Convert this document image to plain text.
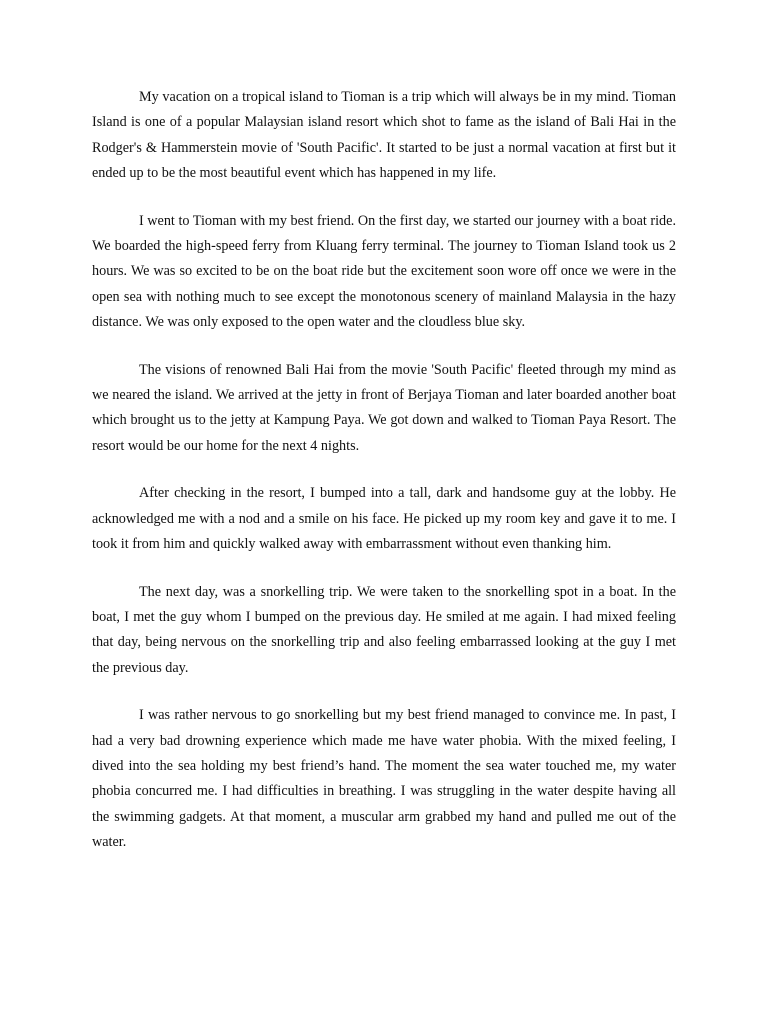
My vacation on a tropical island to Tioman is a trip which will always be in my mind. Tioman Island is one of a popular Malaysian island resort which shot to fame as the island of Bali Hai in the Rodger's & Hammerstein movie of 'South Pacific'. It started to be just a normal vacation at first but it ended up to be the most beautiful event which has happened in my life.

I went to Tioman with my best friend. On the first day, we started our journey with a boat ride. We boarded the high-speed ferry from Kluang ferry terminal. The journey to Tioman Island took us 2 hours. We was so excited to be on the boat ride but the excitement soon wore off once we were in the open sea with nothing much to see except the monotonous scenery of mainland Malaysia in the hazy distance. We was only exposed to the open water and the cloudless blue sky.

The visions of renowned Bali Hai from the movie 'South Pacific' fleeted through my mind as we neared the island. We arrived at the jetty in front of Berjaya Tioman and later boarded another boat which brought us to the jetty at Kampung Paya. We got down and walked to Tioman Paya Resort. The resort would be our home for the next 4 nights.

After checking in the resort, I bumped into a tall, dark and handsome guy at the lobby. He acknowledged me with a nod and a smile on his face. He picked up my room key and gave it to me. I took it from him and quickly walked away with embarrassment without even thanking him.

The next day, was a snorkelling trip. We were taken to the snorkelling spot in a boat. In the boat, I met the guy whom I bumped on the previous day. He smiled at me again. I had mixed feeling that day, being nervous on the snorkelling trip and also feeling embarrassed looking at the guy I met the previous day.

I was rather nervous to go snorkelling but my best friend managed to convince me. In past, I had a very bad drowning experience which made me have water phobia. With the mixed feeling, I dived into the sea holding my best friend’s hand. The moment the sea water touched me, my water phobia concurred me. I had difficulties in breathing. I was struggling in the water despite having all the swimming gadgets. At that moment, a muscular arm grabbed my hand and pulled me out of the water.
